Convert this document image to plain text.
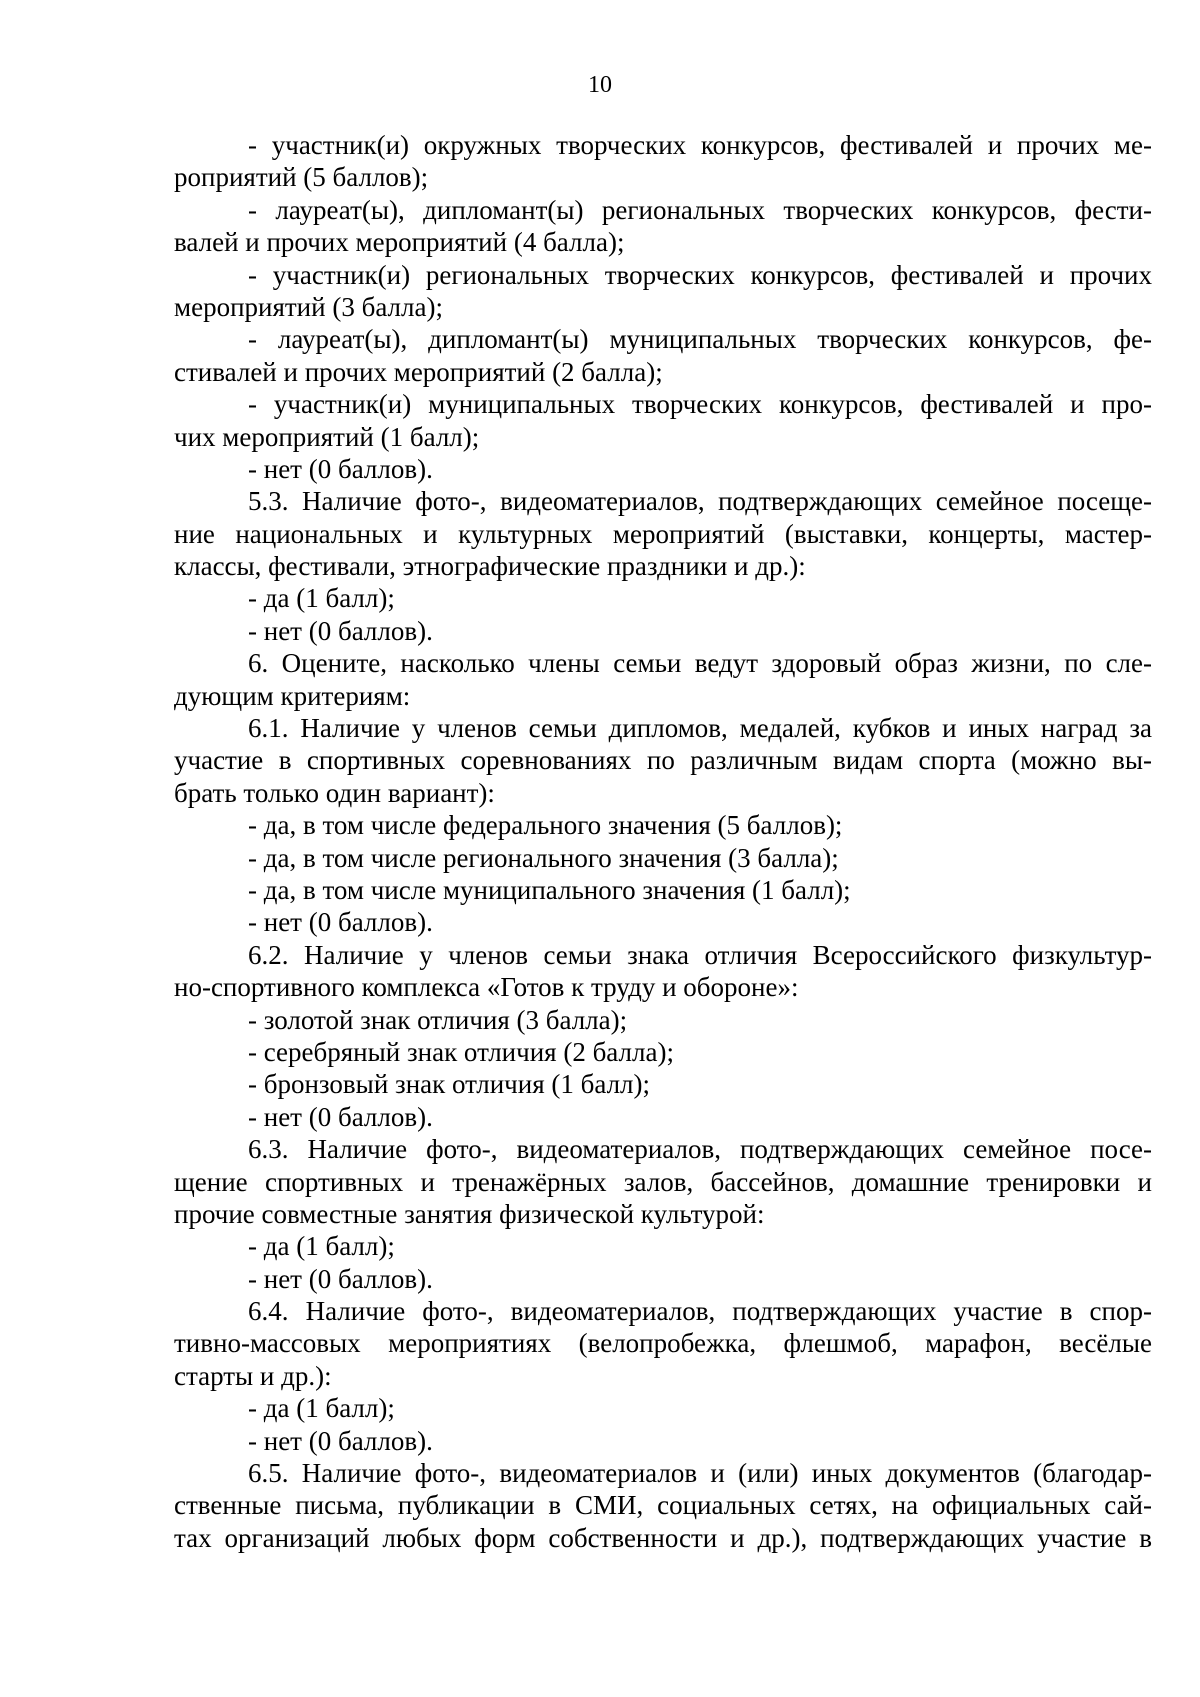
10
- участник(и) окружных творческих конкурсов, фестивалей и прочих ме-
роприятий (5 баллов);
- лауреат(ы), дипломант(ы) региональных творческих конкурсов, фести-
валей и прочих мероприятий (4 балла);
- участник(и) региональных творческих конкурсов, фестивалей и прочих
мероприятий (3 балла);
- лауреат(ы), дипломант(ы) муниципальных творческих конкурсов, фе-
стивалей и прочих мероприятий (2 балла);
- участник(и) муниципальных творческих конкурсов, фестивалей и про-
чих мероприятий (1 балл);
- нет (0 баллов).
5.3. Наличие фото-, видеоматериалов, подтверждающих семейное посеще-
ние национальных и культурных мероприятий (выставки, концерты, мастер-
классы, фестивали, этнографические праздники и др.):
- да (1 балл);
- нет (0 баллов).
6. Оцените, насколько члены семьи ведут здоровый образ жизни, по сле-
дующим критериям:
6.1. Наличие у членов семьи дипломов, медалей, кубков и иных наград за
участие в спортивных соревнованиях по различным видам спорта (можно вы-
брать только один вариант):
- да, в том числе федерального значения (5 баллов);
- да, в том числе регионального значения (3 балла);
- да, в том числе муниципального значения (1 балл);
- нет (0 баллов).
6.2. Наличие у членов семьи знака отличия Всероссийского физкультур-
но-спортивного комплекса «Готов к труду и обороне»:
- золотой знак отличия (3 балла);
- серебряный знак отличия (2 балла);
- бронзовый знак отличия (1 балл);
- нет (0 баллов).
6.3. Наличие фото-, видеоматериалов, подтверждающих семейное посе-
щение спортивных и тренажёрных залов, бассейнов, домашние тренировки и
прочие совместные занятия физической культурой:
- да (1 балл);
- нет (0 баллов).
6.4. Наличие фото-, видеоматериалов, подтверждающих участие в спор-
тивно-массовых мероприятиях (велопробежка, флешмоб, марафон, весёлые
старты и др.):
- да (1 балл);
- нет (0 баллов).
6.5. Наличие фото-, видеоматериалов и (или) иных документов (благодар-
ственные письма, публикации в СМИ, социальных сетях, на официальных сай-
тах организаций любых форм собственности и др.), подтверждающих участие в
